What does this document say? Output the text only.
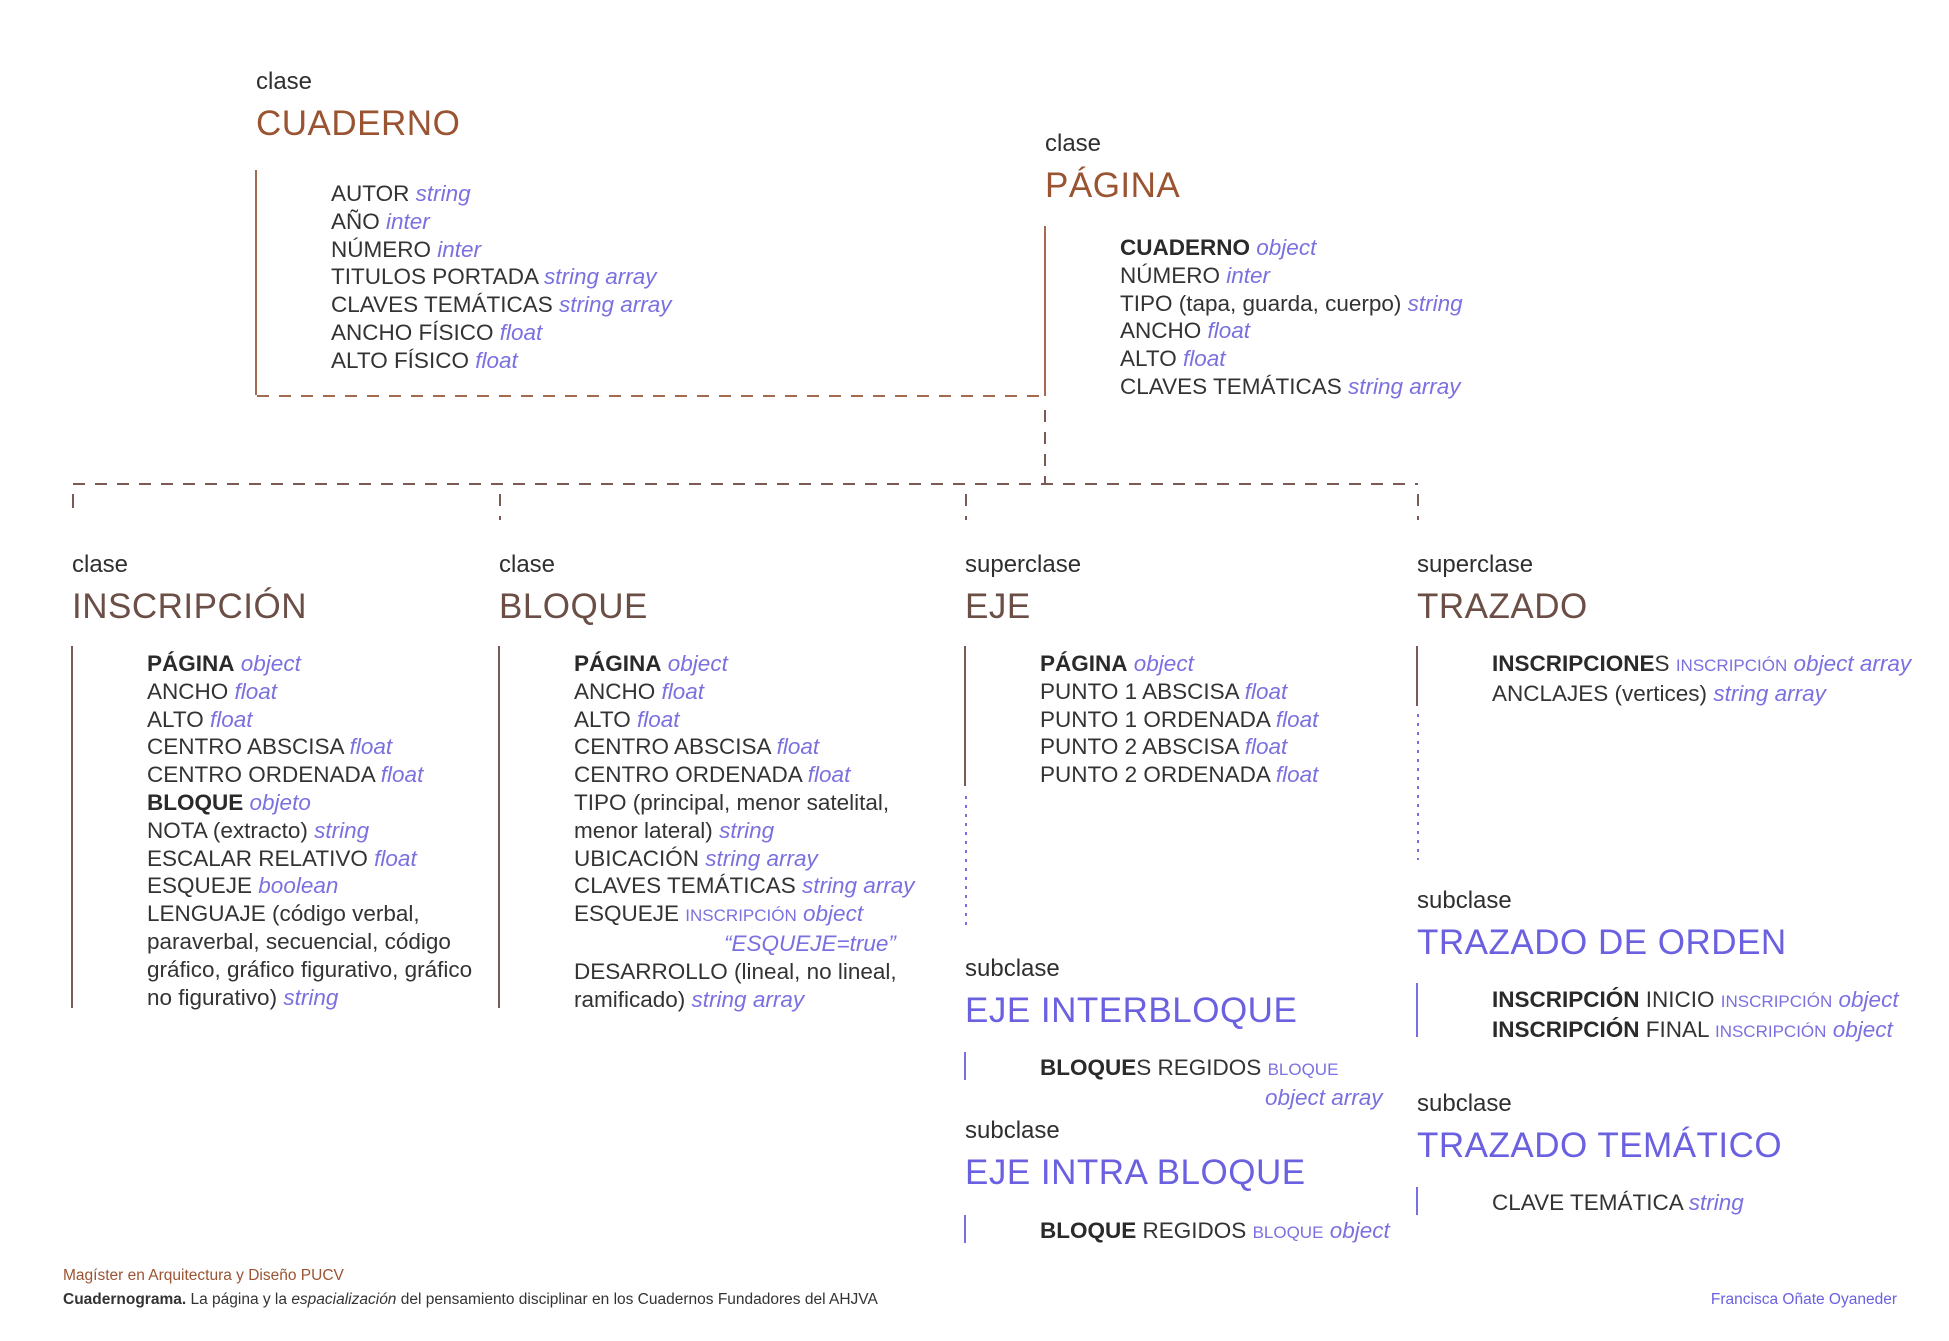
clase
CUADERNO
AUTOR string
AÑO inter
NÚMERO inter
TITULOS PORTADA string array
CLAVES TEMÁTICAS string array
ANCHO FÍSICO float
ALTO FÍSICO float
clase
PÁGINA
CUADERNO object
NÚMERO inter
TIPO (tapa, guarda, cuerpo) string
ANCHO float
ALTO float
CLAVES TEMÁTICAS string array
clase
INSCRIPCIÓN
PÁGINA object
ANCHO float
ALTO float
CENTRO ABSCISA float
CENTRO ORDENADA float
BLOQUE objeto
NOTA (extracto) string
ESCALAR RELATIVO float
ESQUEJE boolean
LENGUAJE (código verbal,
paraverbal, secuencial, código
gráfico, gráfico figurativo, gráfico
no figurativo) string
clase
BLOQUE
PÁGINA object
ANCHO float
ALTO float
CENTRO ABSCISA float
CENTRO ORDENADA float
TIPO (principal, menor satelital,
menor lateral) string
UBICACIÓN string array
CLAVES TEMÁTICAS string array
ESQUEJE INSCRIPCIÓN object
“ESQUEJE=true”
DESARROLLO (lineal, no lineal,
ramificado) string array
superclase
EJE
PÁGINA object
PUNTO 1 ABSCISA float
PUNTO 1 ORDENADA float
PUNTO 2 ABSCISA float
PUNTO 2 ORDENADA float
superclase
TRAZADO
INSCRIPCIONES INSCRIPCIÓN object array
ANCLAJES (vertices) string array
subclase
EJE INTERBLOQUE
BLOQUES REGIDOS BLOQUE
object array
subclase
EJE INTRA BLOQUE
BLOQUE REGIDOS BLOQUE object
subclase
TRAZADO DE ORDEN
INSCRIPCIÓN INICIO INSCRIPCIÓN object
INSCRIPCIÓN FINAL INSCRIPCIÓN object
subclase
TRAZADO TEMÁTICO
CLAVE TEMÁTICA string
Magíster en Arquitectura y Diseño PUCV
Cuadernograma. La página y la espacialización del pensamiento disciplinar en los Cuadernos Fundadores del AHJVA	Francisca Oñate Oyaneder
